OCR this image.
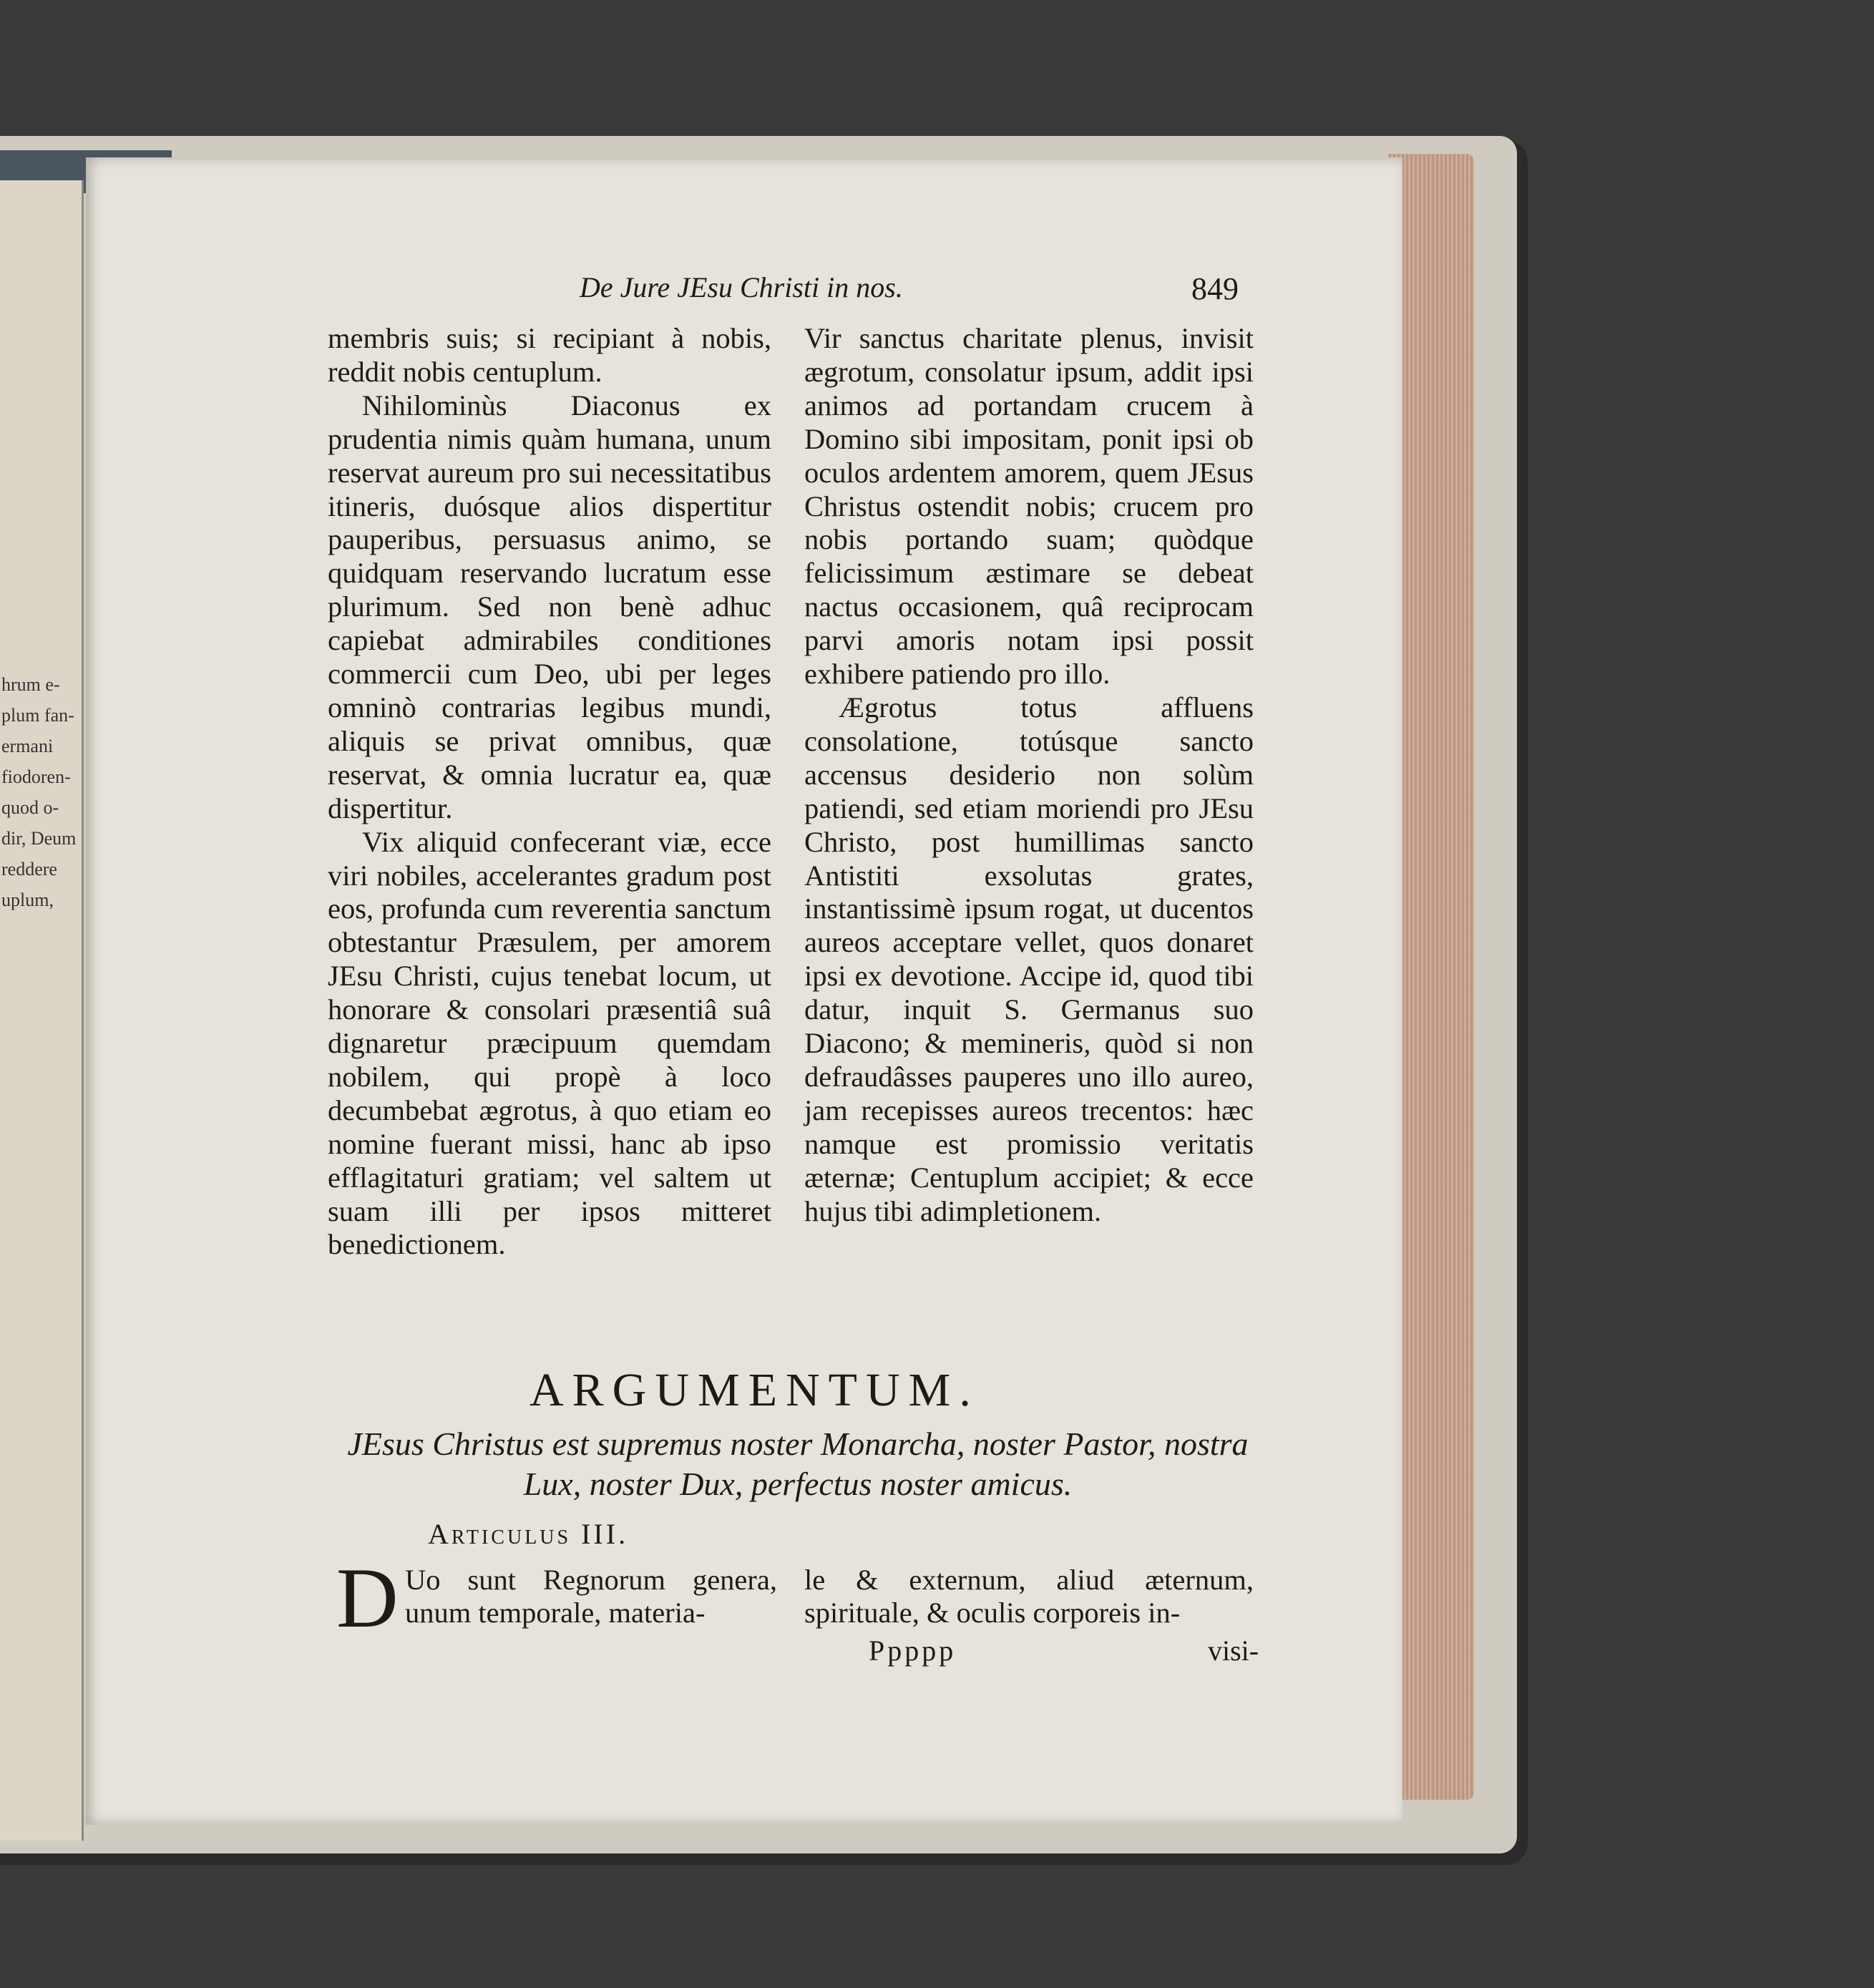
hrum e-
plum fan-
ermani
fiodoren-
quod o-
dir, Deum
reddere
uplum,
De Jure JEsu Christi in nos.	849

membris suis; si recipiant à nobis, reddit nobis centuplum.

Nihilominùs Diaconus ex prudentia nimis quàm humana, unum reservat aureum pro sui necessitatibus itineris, duósque alios dispertitur pauperibus, persuasus animo, se quidquam reservando lucratum esse plurimum. Sed non benè adhuc capiebat admirabiles conditiones commercii cum Deo, ubi per leges omninò contrarias legibus mundi, aliquis se privat omnibus, quæ reservat, & omnia lucratur ea, quæ dispertitur.

Vix aliquid confecerant viæ, ecce viri nobiles, accelerantes gradum post eos, profunda cum reverentia sanctum obtestantur Præsulem, per amorem JEsu Christi, cujus tenebat locum, ut honorare & consolari præsentiâ suâ dignaretur præcipuum quemdam nobilem, qui propè à loco decumbebat ægrotus, à quo etiam eo nomine fuerant missi, hanc ab ipso efflagitaturi gratiam; vel saltem ut suam illi per ipsos mitteret benedictionem.

Vir sanctus charitate plenus, invisit ægrotum, consolatur ipsum, addit ipsi animos ad portandam crucem à Domino sibi impositam, ponit ipsi ob oculos ardentem amorem, quem JEsus Christus ostendit nobis; crucem pro nobis portando suam; quòdque felicissimum æstimare se debeat nactus occasionem, quâ reciprocam parvi amoris notam ipsi possit exhibere patiendo pro illo.

Ægrotus totus affluens consolatione, totúsque sancto accensus desiderio non solùm patiendi, sed etiam moriendi pro JEsu Christo, post humillimas sancto Antistiti exsolutas grates, instantissimè ipsum rogat, ut ducentos aureos acceptare vellet, quos donaret ipsi ex devotione. Accipe id, quod tibi datur, inquit S. Germanus suo Diacono; & memineris, quòd si non defraudâsses pauperes uno illo aureo, jam recepisses aureos trecentos: hæc namque est promissio veritatis æternæ; Centuplum accipiet; & ecce hujus tibi adimpletionem.

ARGUMENTUM.
JEsus Christus est supremus noster Monarcha, noster Pastor, nostra Lux, noster Dux, perfectus noster amicus.
Articulus III.
D Uo sunt Regnorum genera, unum temporale, materia-
le & externum, aliud æternum, spirituale, & oculis corporeis in-
Ppppp	visi-
